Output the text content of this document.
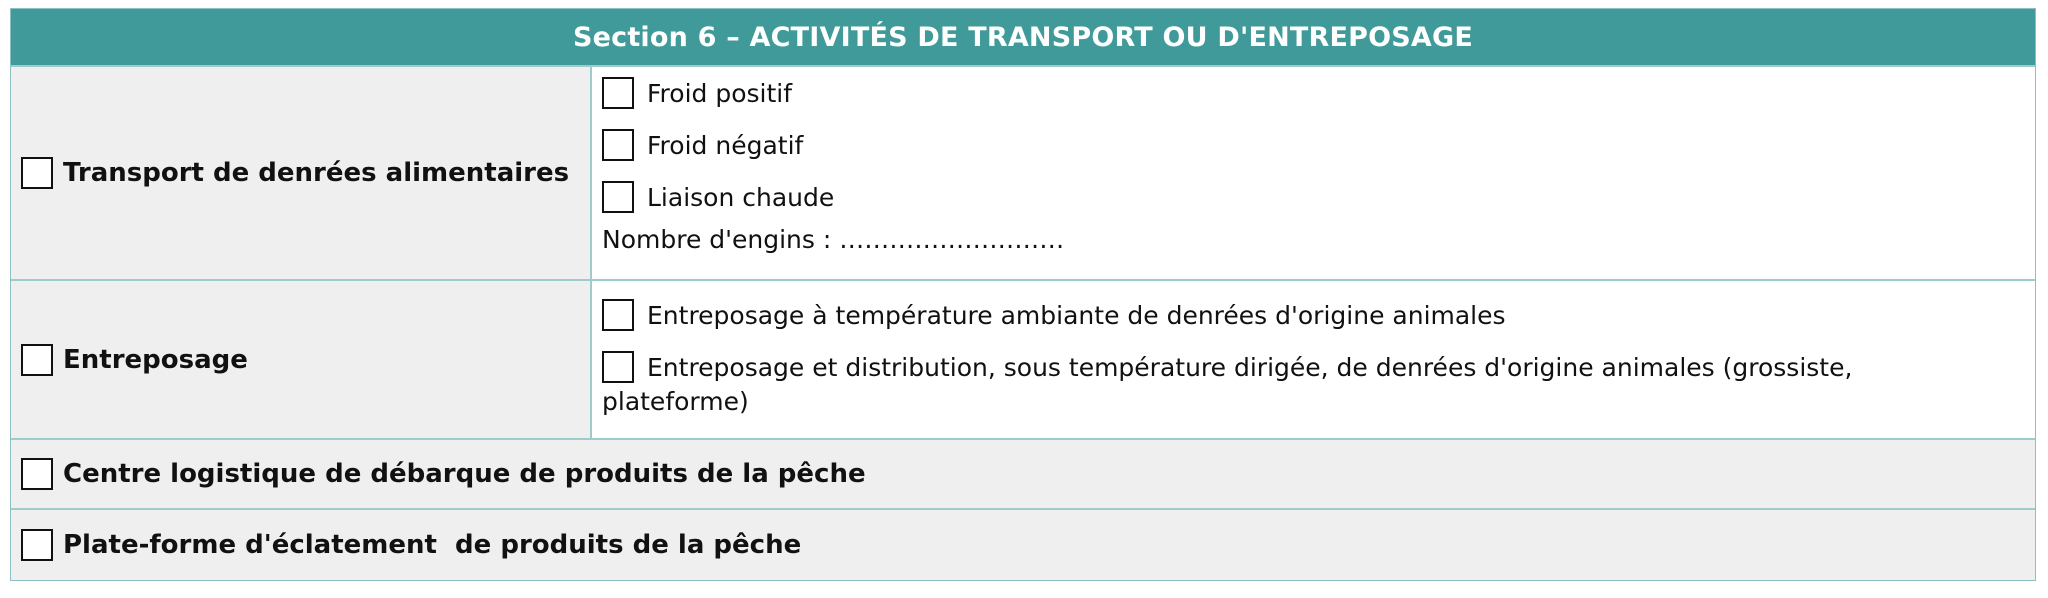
Section 6 – ACTIVITÉS DE TRANSPORT OU D'ENTREPOSAGE
Transport de denrées alimentaires
Froid positif
Froid négatif
Liaison chaude
Nombre d'engins : ………………………
Entreposage
Entreposage à température ambiante de denrées d'origine animales
Entreposage et distribution, sous température dirigée, de denrées d'origine animales (grossiste,
plateforme)
Centre logistique de débarque de produits de la pêche
Plate-forme d'éclatement  de produits de la pêche
